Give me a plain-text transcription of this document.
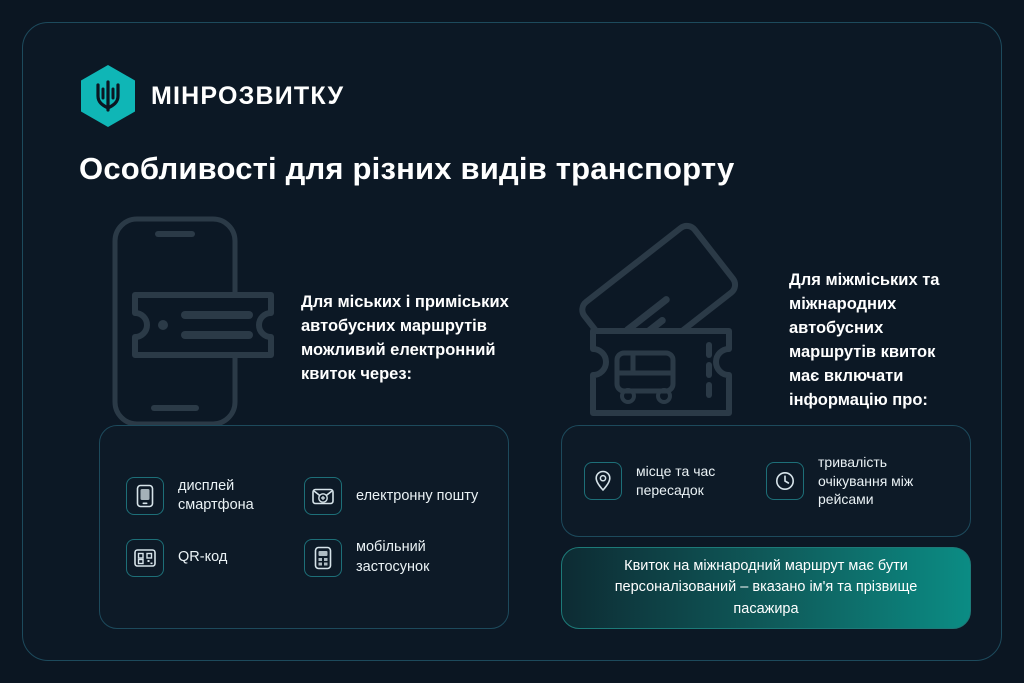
МІНРОЗВИТКУ
Особливості для різних видів транспорту
Для міських і приміських автобусних маршрутів можливий електронний квиток через:
Для міжміських та міжнародних автобусних маршрутів квиток має включати інформацію про:
дисплей смартфона
електронну пошту
QR-код
мобільний застосунок
місце та час пересадок
тривалість очікування між рейсами
Квиток на міжнародний маршрут має бути персоналізований – вказано ім'я та прізвище пасажира
